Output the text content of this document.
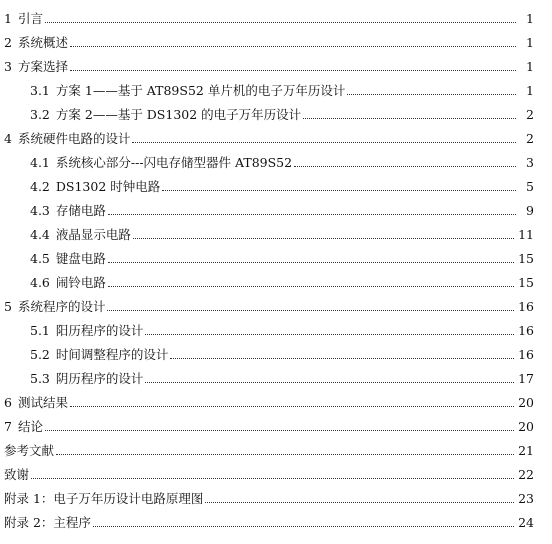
1 引言	1
2 系统概述	1
3 方案选择	1
3.1 方案 1——基于 AT89S52 单片机的电子万年历设计	1
3.2 方案 2——基于 DS1302 的电子万年历设计	2
4 系统硬件电路的设计	2
4.1 系统核心部分---闪电存储型器件 AT89S52	3
4.2 DS1302 时钟电路	5
4.3 存储电路	9
4.4 液晶显示电路	11
4.5 键盘电路	15
4.6 闹铃电路	15
5 系统程序的设计	16
5.1 阳历程序的设计	16
5.2 时间调整程序的设计	16
5.3 阴历程序的设计	17
6 测试结果	20
7 结论	20
参考文献	21
致谢	22
附录 1：电子万年历设计电路原理图	23
附录 2：主程序	24
